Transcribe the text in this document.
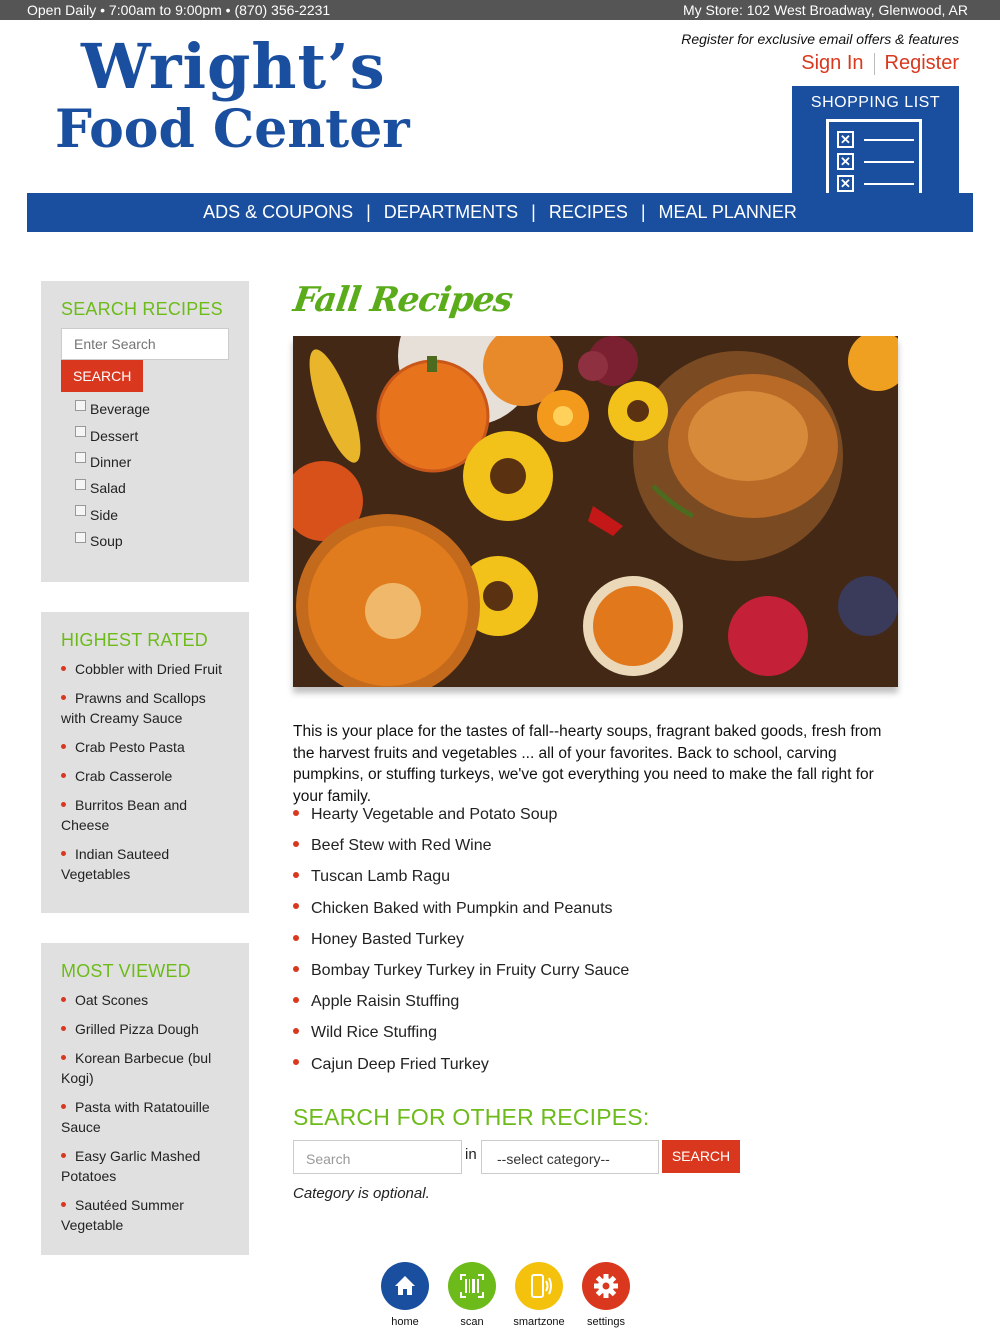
Open Daily • 7:00am to 9:00pm • (870) 356-2231	My Store: 102 West Broadway, Glenwood, AR
Wright’s
Food Center
Register for exclusive email offers & features
Sign In Register
SHOPPING LIST
✕
✕
✕
ADS & COUPONS | DEPARTMENTS | RECIPES | MEAL PLANNER
SEARCH RECIPES
Enter Search
SEARCH
Beverage
Dessert
Dinner
Salad
Side
Soup
HIGHEST RATED
Cobbler with Dried Fruit
Prawns and Scallops with Creamy Sauce
Crab Pesto Pasta
Crab Casserole
Burritos Bean and Cheese
Indian Sauteed Vegetables
MOST VIEWED
Oat Scones
Grilled Pizza Dough
Korean Barbecue (bul Kogi)
Pasta with Ratatouille Sauce
Easy Garlic Mashed Potatoes
Sautéed Summer Vegetable
Fall Recipes
This is your place for the tastes of fall--hearty soups, fragrant baked goods, fresh from the harvest fruits and vegetables ... all of your favorites. Back to school, carving pumpkins, or stuffing turkeys, we've got everything you need to make the fall right for your family.
Hearty Vegetable and Potato Soup
Beef Stew with Red Wine
Tuscan Lamb Ragu
Chicken Baked with Pumpkin and Peanuts
Honey Basted Turkey
Bombay Turkey Turkey in Fruity Curry Sauce
Apple Raisin Stuffing
Wild Rice Stuffing
Cajun Deep Fried Turkey
SEARCH FOR OTHER RECIPES:
Search	in	--select category--	SEARCH
Category is optional.
home	scan	smartzone	settings
